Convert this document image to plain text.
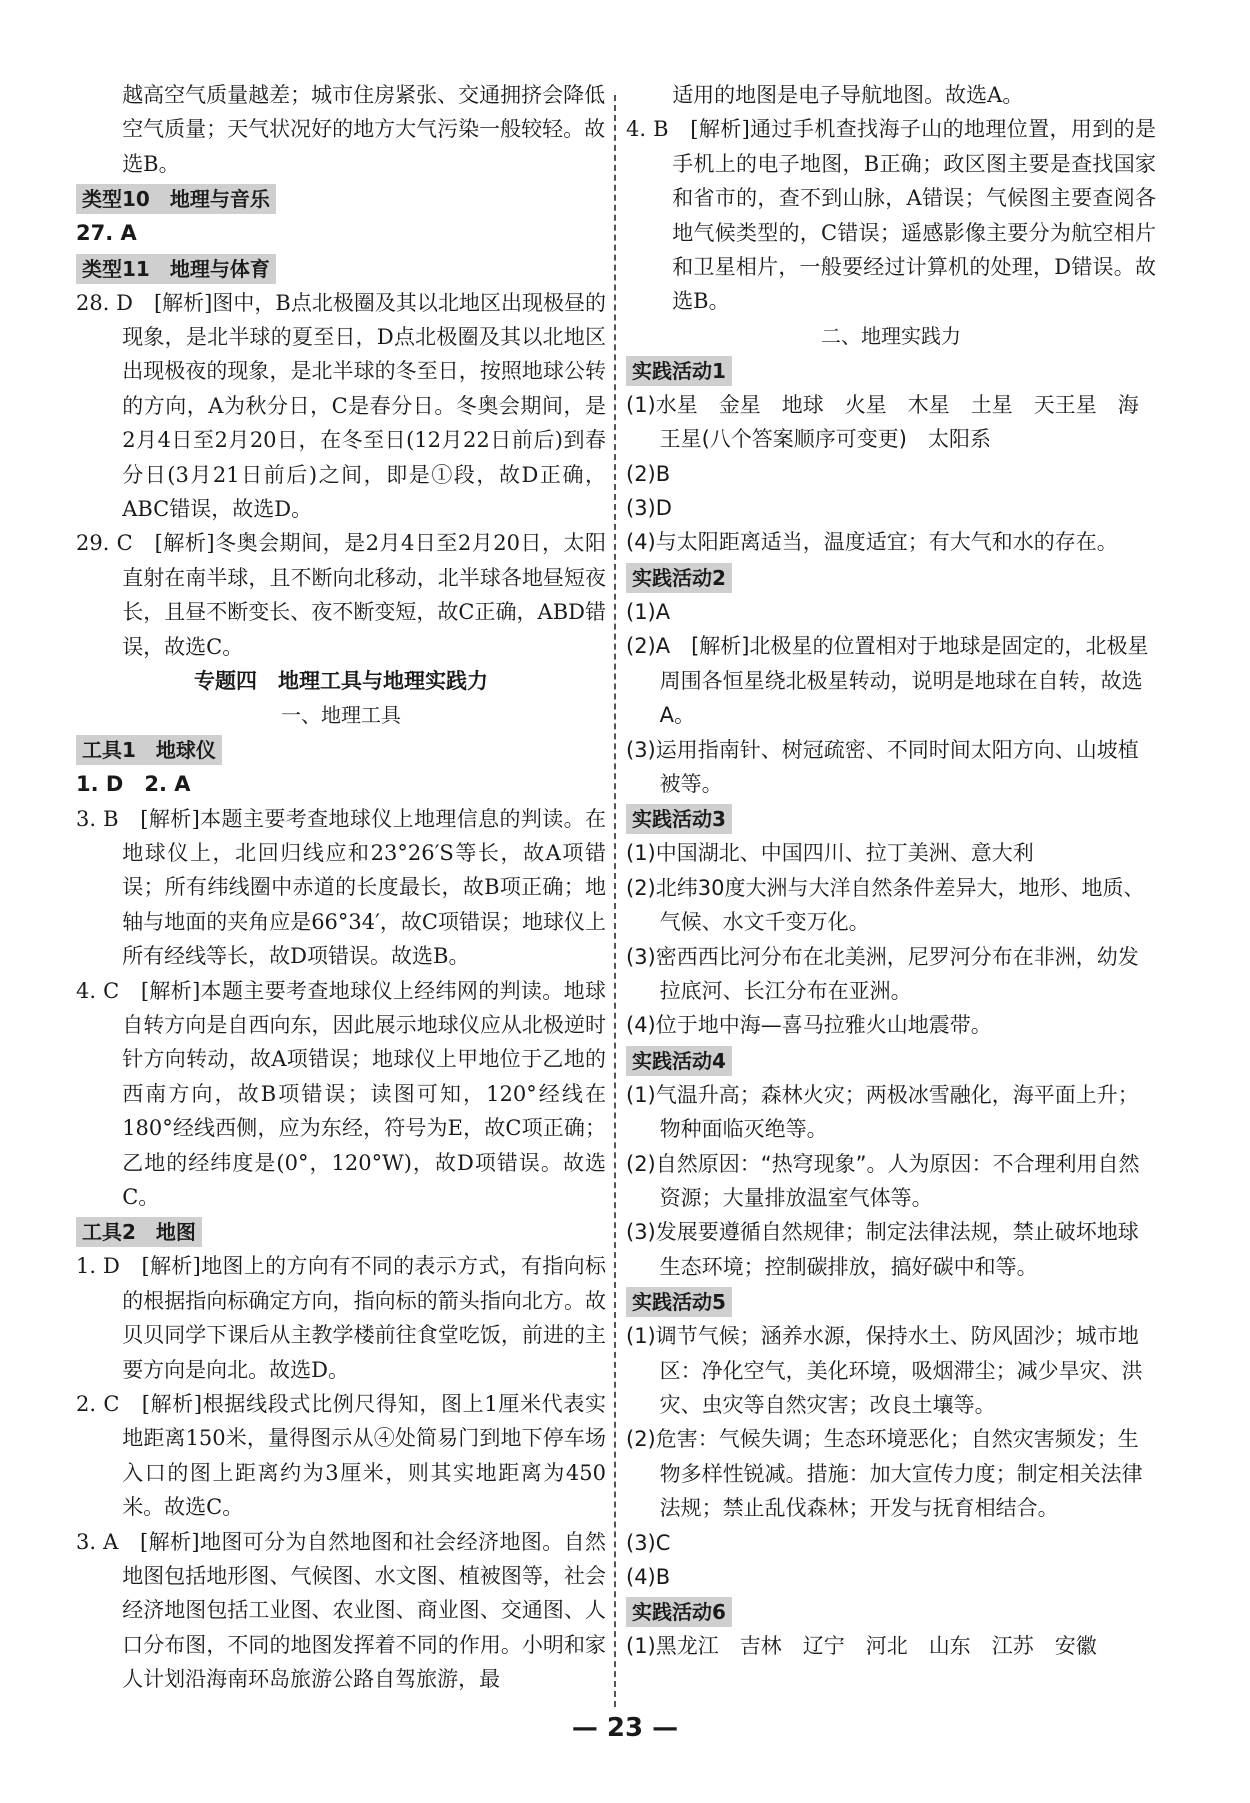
越高空气质量越差；城市住房紧张、交通拥挤会降低空气质量；天气状况好的地方大气污染一般较轻。故选B。

类型10　地理与音乐

27. A

类型11　地理与体育

28. D　[解析]图中，B点北极圈及其以北地区出现极昼的现象，是北半球的夏至日，D点北极圈及其以北地区出现极夜的现象，是北半球的冬至日，按照地球公转的方向，A为秋分日，C是春分日。冬奥会期间，是2月4日至2月20日，在冬至日(12月22日前后)到春分日(3月21日前后)之间，即是①段，故D正确，ABC错误，故选D。

29. C　[解析]冬奥会期间，是2月4日至2月20日，太阳直射在南半球，且不断向北移动，北半球各地昼短夜长，且昼不断变长、夜不断变短，故C正确，ABD错误，故选C。

专题四　地理工具与地理实践力

一、地理工具

工具1　地球仪

1. D　2. A

3. B　[解析]本题主要考查地球仪上地理信息的判读。在地球仪上，北回归线应和23°26′S等长，故A项错误；所有纬线圈中赤道的长度最长，故B项正确；地轴与地面的夹角应是66°34′，故C项错误；地球仪上所有经线等长，故D项错误。故选B。

4. C　[解析]本题主要考查地球仪上经纬网的判读。地球自转方向是自西向东，因此展示地球仪应从北极逆时针方向转动，故A项错误；地球仪上甲地位于乙地的西南方向，故B项错误；读图可知，120°经线在180°经线西侧，应为东经，符号为E，故C项正确；乙地的经纬度是(0°，120°W)，故D项错误。故选C。

工具2　地图

1. D　[解析]地图上的方向有不同的表示方式，有指向标的根据指向标确定方向，指向标的箭头指向北方。故贝贝同学下课后从主教学楼前往食堂吃饭，前进的主要方向是向北。故选D。

2. C　[解析]根据线段式比例尺得知，图上1厘米代表实地距离150米，量得图示从④处简易门到地下停车场入口的图上距离约为3厘米，则其实地距离为450米。故选C。

3. A　[解析]地图可分为自然地图和社会经济地图。自然地图包括地形图、气候图、水文图、植被图等，社会经济地图包括工业图、农业图、商业图、交通图、人口分布图，不同的地图发挥着不同的作用。小明和家人计划沿海南环岛旅游公路自驾旅游，最

适用的地图是电子导航地图。故选A。

4. B　[解析]通过手机查找海子山的地理位置，用到的是手机上的电子地图，B正确；政区图主要是查找国家和省市的，查不到山脉，A错误；气候图主要查阅各地气候类型的，C错误；遥感影像主要分为航空相片和卫星相片，一般要经过计算机的处理，D错误。故选B。

二、地理实践力

实践活动1

(1)水星　金星　地球　火星　木星　土星　天王星　海王星(八个答案顺序可变更)　太阳系

(2)B

(3)D

(4)与太阳距离适当，温度适宜；有大气和水的存在。

实践活动2

(1)A

(2)A　[解析]北极星的位置相对于地球是固定的，北极星周围各恒星绕北极星转动，说明是地球在自转，故选A。

(3)运用指南针、树冠疏密、不同时间太阳方向、山坡植被等。

实践活动3

(1)中国湖北、中国四川、拉丁美洲、意大利

(2)北纬30度大洲与大洋自然条件差异大，地形、地质、气候、水文千变万化。

(3)密西西比河分布在北美洲，尼罗河分布在非洲，幼发拉底河、长江分布在亚洲。

(4)位于地中海—喜马拉雅火山地震带。

实践活动4

(1)气温升高；森林火灾；两极冰雪融化，海平面上升；物种面临灭绝等。

(2)自然原因：“热穹现象”。人为原因：不合理利用自然资源；大量排放温室气体等。

(3)发展要遵循自然规律；制定法律法规，禁止破坏地球生态环境；控制碳排放，搞好碳中和等。

实践活动5

(1)调节气候；涵养水源，保持水土、防风固沙；城市地区：净化空气，美化环境，吸烟滞尘；减少旱灾、洪灾、虫灾等自然灾害；改良土壤等。

(2)危害：气候失调；生态环境恶化；自然灾害频发；生物多样性锐减。措施：加大宣传力度；制定相关法律法规；禁止乱伐森林；开发与抚育相结合。

(3)C

(4)B

实践活动6

(1)黑龙江　吉林　辽宁　河北　山东　江苏　安徽

— 23 —
